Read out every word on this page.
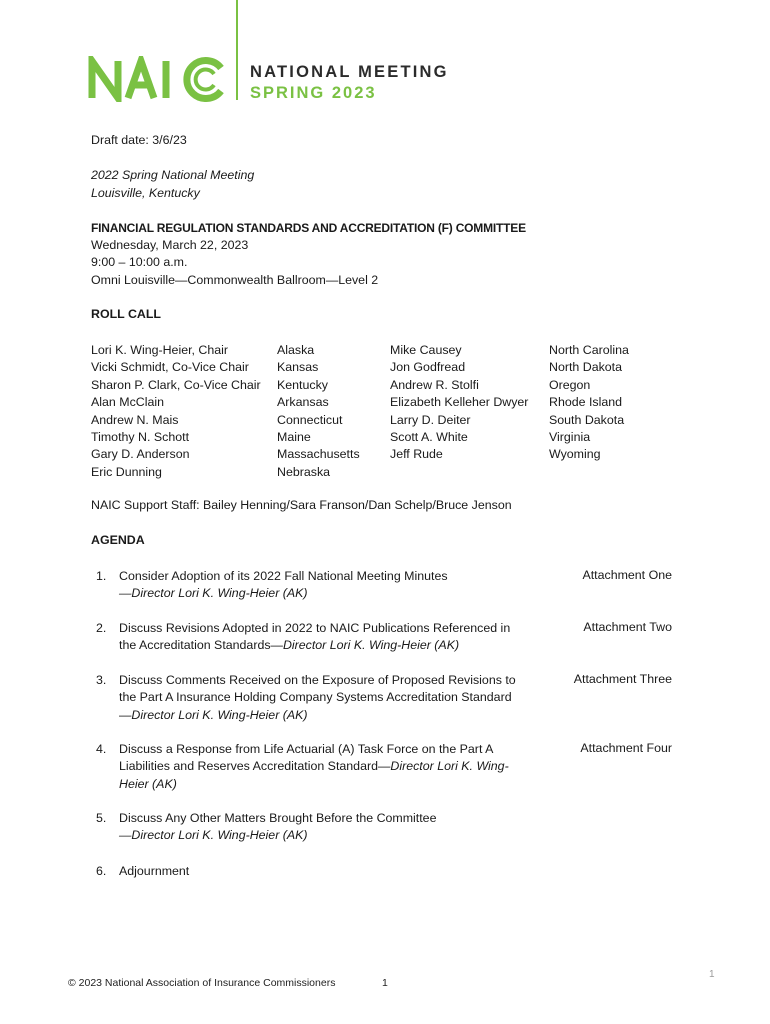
NATIONAL MEETING
SPRING 2023
Draft date: 3/6/23
2022 Spring National Meeting
Louisville, Kentucky
FINANCIAL REGULATION STANDARDS AND ACCREDITATION (F) COMMITTEE
Wednesday, March 22, 2023
9:00 – 10:00 a.m.
Omni Louisville—Commonwealth Ballroom—Level 2
ROLL CALL
Lori K. Wing-Heier, Chair
Vicki Schmidt, Co-Vice Chair
Sharon P. Clark, Co-Vice Chair
Alan McClain
Andrew N. Mais
Timothy N. Schott
Gary D. Anderson
Eric Dunning
Alaska
Kansas
Kentucky
Arkansas
Connecticut
Maine
Massachusetts
Nebraska
Mike Causey
Jon Godfread
Andrew R. Stolfi
Elizabeth Kelleher Dwyer
Larry D. Deiter
Scott A. White
Jeff Rude
North Carolina
North Dakota
Oregon
Rhode Island
South Dakota
Virginia
Wyoming
NAIC Support Staff: Bailey Henning/Sara Franson/Dan Schelp/Bruce Jenson
AGENDA
1. Consider Adoption of its 2022 Fall National Meeting Minutes
—Director Lori K. Wing-Heier (AK)
Attachment One
2. Discuss Revisions Adopted in 2022 to NAIC Publications Referenced in the Accreditation Standards—Director Lori K. Wing-Heier (AK)
Attachment Two
3. Discuss Comments Received on the Exposure of Proposed Revisions to the Part A Insurance Holding Company Systems Accreditation Standard—Director Lori K. Wing-Heier (AK)
Attachment Three
4. Discuss a Response from Life Actuarial (A) Task Force on the Part A Liabilities and Reserves Accreditation Standard—Director Lori K. Wing-Heier (AK)
Attachment Four
5. Discuss Any Other Matters Brought Before the Committee
—Director Lori K. Wing-Heier (AK)
6. Adjournment
© 2023 National Association of Insurance Commissioners	1
1
